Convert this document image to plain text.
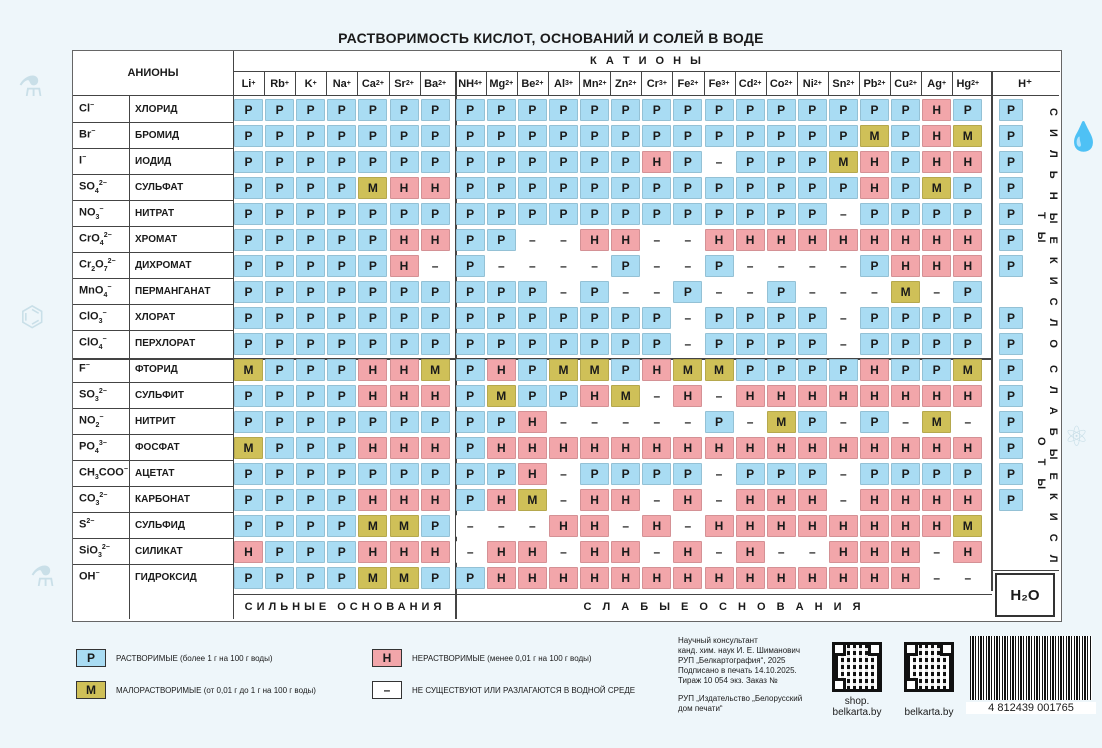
⚗
⌬
💧
⚛
⚗
РАСТВОРИМОСТЬ КИСЛОТ, ОСНОВАНИЙ И СОЛЕЙ В ВОДЕ
АНИОНЫ
К А Т И О Н Ы
H⁺
С И Л Ь Н Ы Е К И С Л О Т Ы
С Л А Б Ы Е К И С Л О Т Ы
СИЛЬНЫЕ ОСНОВАНИЯ	С Л А Б Ы Е О С Н О В А Н И Я
H₂O
Li + Rb + K + Na + Ca 2+ Sr 2+ Ba 2+ NH 4 + Mg 2+ Be 2+ Al 3+ Mn 2+ Zn 2+ Cr 3+ Fe 2+ Fe 3+ Cd 2+ Co 2+ Ni 2+ Sn 2+ Pb 2+ Cu 2+ Ag + Hg 2+
Cl−	ХЛОРИД	Р	Р	Р	Р	Р	Р	Р	Р	Р	Р	Р	Р	Р	Р	Р	Р	Р	Р	Р	Р	Р	Р	Н	Р	Р
Br−	БРОМИД	Р	Р	Р	Р	Р	Р	Р	Р	Р	Р	Р	Р	Р	Р	Р	Р	Р	Р	Р	Р	М	Р	Н	М	Р
I−	ИОДИД	Р	Р	Р	Р	Р	Р	Р	Р	Р	Р	Р	Р	Р	Н	Р	–	Р	Р	Р	М	Н	Р	Н	Н	Р
$SO_4^{2-}$	СУЛЬФАТ	Р	Р	Р	Р	М	Н	Н	Р	Р	Р	Р	Р	Р	Р	Р	Р	Р	Р	Р	Р	Н	Р	М	Р	Р
$NO_3^-$	НИТРАТ	Р	Р	Р	Р	Р	Р	Р	Р	Р	Р	Р	Р	Р	Р	Р	Р	Р	Р	Р	–	Р	Р	Р	Р	Р
CrO$_4^{2-}$	ХРОМАТ	Р	Р	Р	Р	Р	Н	Н	Р	Р	–	–	Н	Н	–	–	Н	Н	Н	Н	Н	Н	Н	Н	Н	Р
$Cr_2O_7^{2-}$	ДИХРОМАТ	Р	Р	Р	Р	Р	Н	–	Р	–	–	–	–	Р	–	–	Р	–	–	–	–	Р	Н	Н	Н	Р
MnO$_4$−	ПЕРМАНГАНАТ	Р	Р	Р	Р	Р	Р	Р	Р	Р	Р	–	Р	–	–	Р	–	–	Р	–	–	–	М	–	Р
ClO$_3$−	ХЛОРАТ	Р	Р	Р	Р	Р	Р	Р	Р	Р	Р	Р	Р	Р	Р	–	Р	Р	Р	Р	–	Р	Р	Р	Р	Р
ClO$_4$−	ПЕРХЛОРАТ	Р	Р	Р	Р	Р	Р	Р	Р	Р	Р	Р	Р	Р	Р	–	Р	Р	Р	Р	–	Р	Р	Р	Р	Р
F−	ФТОРИД	М	Р	Р	Р	Н	Н	М	Р	Н	Р	М	М	Р	Н	М	М	Р	Р	Р	Р	Н	Р	Р	М	Р
$SO_3^{2-}$	СУЛЬФИТ	Р	Р	Р	Р	Н	Н	Н	Р	М	Р	Р	Н	М	–	Н	–	Н	Н	Н	Н	Н	Н	Н	Н	Р
$NO_2^-$	НИТРИТ	Р	Р	Р	Р	Р	Р	Р	Р	Р	Н	–	–	–	–	–	Р	–	М	Р	–	Р	–	М	–	Р
$PO_4^{3-}$	ФОСФАТ	М	Р	Р	Р	Н	Н	Н	Р	Н	Н	Н	Н	Н	Н	Н	Н	Н	Н	Н	Н	Н	Н	Н	Н	Р
$CH_3COO^-$ АЦЕТАТ	Р	Р	Р	Р	Р	Р	Р	Р	Р	Н	–	Р	Р	Р	Р	–	Р	Р	Р	–	Р	Р	Р	Р	Р
$CO_3^{2-}$	КАРБОНАТ	Р	Р	Р	Р	Н	Н	Н	Р	Н	М	–	Н	Н	–	Н	–	Н	Н	Н	–	Н	Н	Н	Н	Р
$S^{2-}$	СУЛЬФИД	Р	Р	Р	Р	М	М	Р	–	–	–	Н	Н	–	Н	–	Н	Н	Н	Н	Н	Н	Н	Н	М
SiO$_3^{2-}$	СИЛИКАТ	Н	Р	Р	Р	Н	Н	Н	–	Н	Н	–	Н	Н	–	Н	–	Н	–	–	Н	Н	Н	–	Н
OH−	ГИДРОКСИД	Р	Р	Р	Р	М	М	Р	Р	Н	Н	Н	Н	Н	Н	Н	Н	Н	Н	Н	Н	Н	Н	–	–
Р	РАСТВОРИМЫЕ (более 1 г на 100 г воды)
М	МАЛОРАСТВОРИМЫЕ (от 0,01 г до 1 г на 100 г воды)
Н	НЕРАСТВОРИМЫЕ (менее 0,01 г на 100 г воды)
–	НЕ СУЩЕСТВУЮТ ИЛИ РАЗЛАГАЮТСЯ В ВОДНОЙ СРЕДЕ
Научный консультант
канд. хим. наук И. Е. Шиманович
РУП „Белкартография“, 2025
Подписано в печать 14.10.2025.
Тираж 10 054 экз. Заказ №
РУП „Издательство „Белорусский
дом печати“
shop.
belkarta.by	belkarta.by	4 812439 001765
